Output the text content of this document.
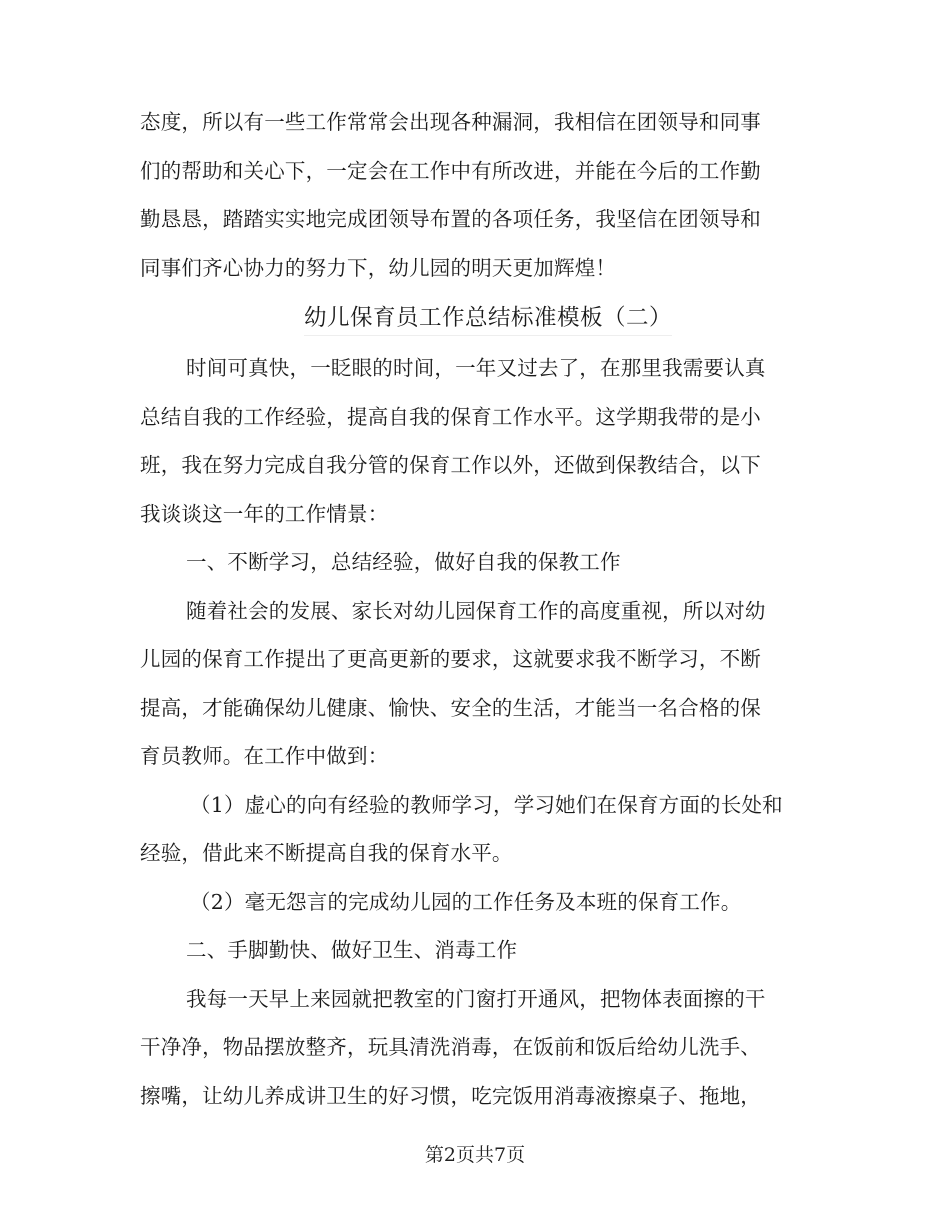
态度，所以有一些工作常常会出现各种漏洞，我相信在团领导和同事
们的帮助和关心下，一定会在工作中有所改进，并能在今后的工作勤
勤恳恳，踏踏实实地完成团领导布置的各项任务，我坚信在团领导和
同事们齐心协力的努力下，幼儿园的明天更加辉煌！
幼儿保育员工作总结标准模板（二）
时间可真快，一眨眼的时间，一年又过去了，在那里我需要认真
总结自我的工作经验，提高自我的保育工作水平。这学期我带的是小
班，我在努力完成自我分管的保育工作以外，还做到保教结合，以下
我谈谈这一年的工作情景：
一、不断学习，总结经验，做好自我的保教工作
随着社会的发展、家长对幼儿园保育工作的高度重视，所以对幼
儿园的保育工作提出了更高更新的要求，这就要求我不断学习，不断
提高，才能确保幼儿健康、愉快、安全的生活，才能当一名合格的保
育员教师。在工作中做到：
（1）虚心的向有经验的教师学习，学习她们在保育方面的长处和
经验，借此来不断提高自我的保育水平。
（2）毫无怨言的完成幼儿园的工作任务及本班的保育工作。
二、手脚勤快、做好卫生、消毒工作
我每一天早上来园就把教室的门窗打开通风，把物体表面擦的干
干净净，物品摆放整齐，玩具清洗消毒，在饭前和饭后给幼儿洗手、
擦嘴，让幼儿养成讲卫生的好习惯，吃完饭用消毒液擦桌子、拖地，
第2页共7页
